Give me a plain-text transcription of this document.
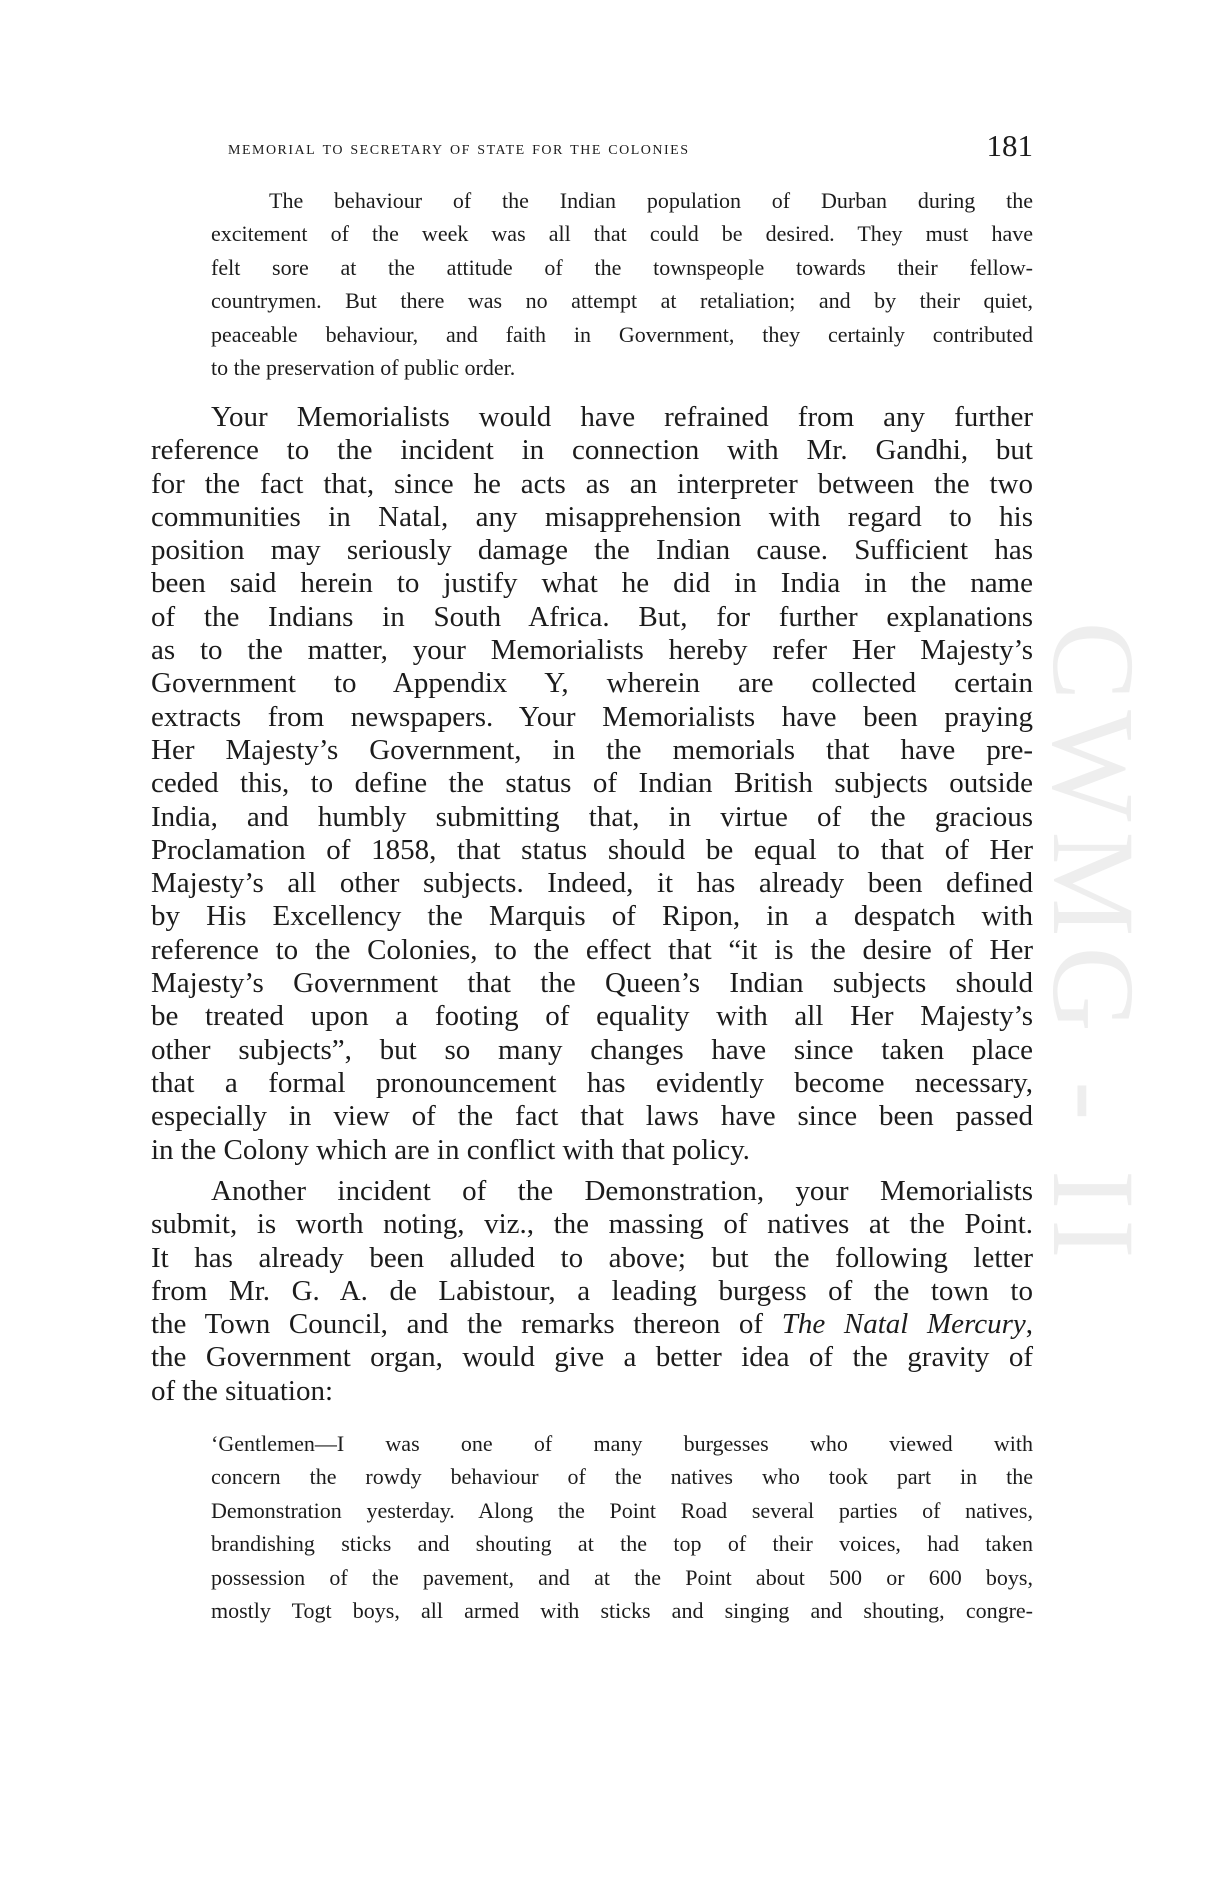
CWMG - II
memorial to secretary of state for the colonies	181

The behaviour of the Indian population of Durban during the
excitement of the week was all that could be desired. They must have
felt sore at the attitude of the townspeople towards their fellow-
countrymen. But there was no attempt at retaliation; and by their quiet,
peaceable behaviour, and faith in Government, they certainly contributed
to the preservation of public order.

Your Memorialists would have refrained from any further
reference to the incident in connection with Mr. Gandhi, but
for the fact that, since he acts as an interpreter between the two
communities in Natal, any misapprehension with regard to his
position may seriously damage the Indian cause. Sufficient has
been said herein to justify what he did in India in the name
of the Indians in South Africa. But, for further explanations
as to the matter, your Memorialists hereby refer Her Majesty’s
Government to Appendix Y, wherein are collected certain
extracts from newspapers. Your Memorialists have been praying
Her Majesty’s Government, in the memorials that have pre-
ceded this, to define the status of Indian British subjects outside
India, and humbly submitting that, in virtue of the gracious
Proclamation of 1858, that status should be equal to that of Her
Majesty’s all other subjects. Indeed, it has already been defined
by His Excellency the Marquis of Ripon, in a despatch with
reference to the Colonies, to the effect that “it is the desire of Her
Majesty’s Government that the Queen’s Indian subjects should
be treated upon a footing of equality with all Her Majesty’s
other subjects”, but so many changes have since taken place
that a formal pronouncement has evidently become necessary,
especially in view of the fact that laws have since been passed
in the Colony which are in conflict with that policy.

Another incident of the Demonstration, your Memorialists
submit, is worth noting, viz., the massing of natives at the Point.
It has already been alluded to above; but the following letter
from Mr. G. A. de Labistour, a leading burgess of the town to
the Town Council, and the remarks thereon of The Natal Mercury,
the Government organ, would give a better idea of the gravity of
of the situation:

‘Gentlemen—I was one of many burgesses who viewed with
concern the rowdy behaviour of the natives who took part in the
Demonstration yesterday. Along the Point Road several parties of natives,
brandishing sticks and shouting at the top of their voices, had taken
possession of the pavement, and at the Point about 500 or 600 boys,
mostly Togt boys, all armed with sticks and singing and shouting, congre-
